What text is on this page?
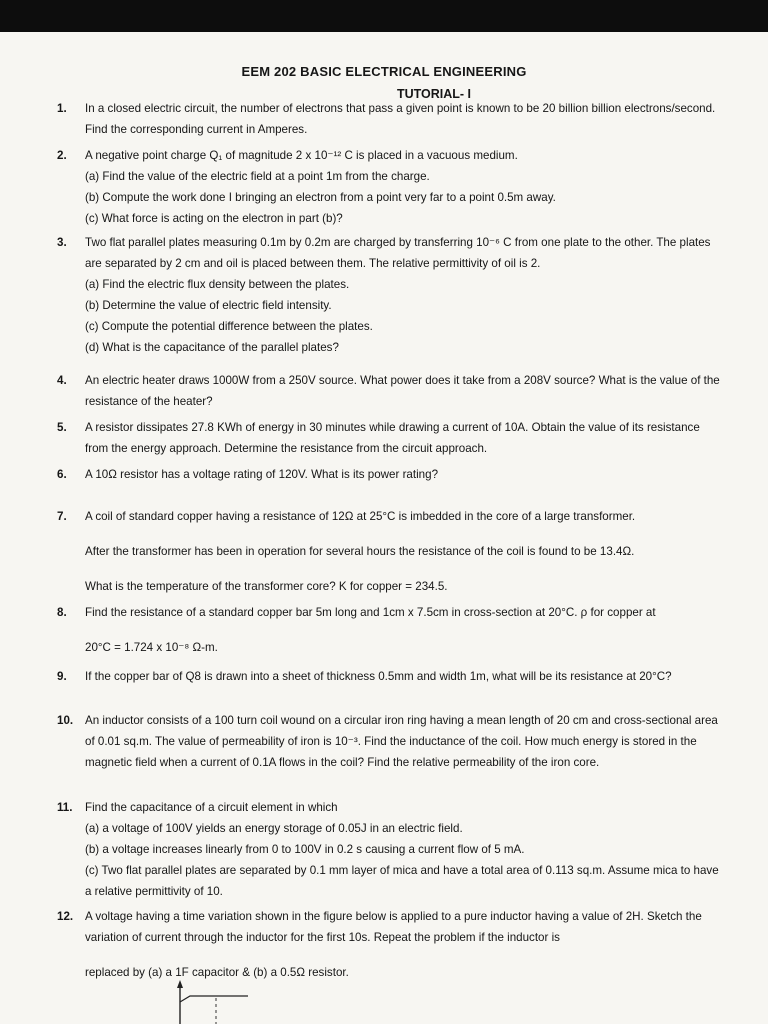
EEM 202 BASIC ELECTRICAL ENGINEERING
TUTORIAL- I
1.	In a closed electric circuit, the number of electrons that pass a given point is known to be 20 billion billion electrons/second. Find the corresponding current in Amperes.
2.	A negative point charge Q₁ of magnitude 2 x 10⁻¹² C is placed in a vacuous medium.
(a) Find the value of the electric field at a point 1m from the charge.
(b) Compute the work done I bringing an electron from a point very far to a point 0.5m away.
(c) What force is acting on the electron in part (b)?
3.	Two flat parallel plates measuring 0.1m by 0.2m are charged by transferring 10⁻⁶ C from one plate to the other. The plates are separated by 2 cm and oil is placed between them. The relative permittivity of oil is 2.
(a) Find the electric flux density between the plates.
(b) Determine the value of electric field intensity.
(c) Compute the potential difference between the plates.
(d) What is the capacitance of the parallel plates?
4.	An electric heater draws 1000W from a 250V source. What power does it take from a 208V source? What is the value of the resistance of the heater?
5.	A resistor dissipates 27.8 KWh of energy in 30 minutes while drawing a current of 10A. Obtain the value of its resistance from the energy approach. Determine the resistance from the circuit approach.
6.	A 10Ω resistor has a voltage rating of 120V. What is its power rating?
7.	A coil of standard copper having a resistance of 12Ω at 25°C is imbedded in the core of a large transformer.
After the transformer has been in operation for several hours the resistance of the coil is found to be 13.4Ω.
What is the temperature of the transformer core? K for copper = 234.5.
8.	Find the resistance of a standard copper bar 5m long and 1cm x 7.5cm in cross-section at 20°C. ρ for copper at
20°C = 1.724 x 10⁻⁸ Ω-m.
9.	If the copper bar of Q8 is drawn into a sheet of thickness 0.5mm and width 1m, what will be its resistance at 20°C?
10.	An inductor consists of a 100 turn coil wound on a circular iron ring having a mean length of 20 cm and cross-sectional area of 0.01 sq.m. The value of permeability of iron is 10⁻³. Find the inductance of the coil. How much energy is stored in the magnetic field when a current of 0.1A flows in the coil? Find the relative permeability of the iron core.
11.	Find the capacitance of a circuit element in which
(a) a voltage of 100V yields an energy storage of 0.05J in an electric field.
(b) a voltage increases linearly from 0 to 100V in 0.2 s causing a current flow of 5 mA.
(c) Two flat parallel plates are separated by 0.1 mm layer of mica and have a total area of 0.113 sq.m. Assume mica to have a relative permittivity of 10.
12.	A voltage having a time variation shown in the figure below is applied to a pure inductor having a value of 2H. Sketch the variation of current through the inductor for the first 10s. Repeat the problem if the inductor is
replaced by (a) a 1F capacitor & (b) a 0.5Ω resistor.
